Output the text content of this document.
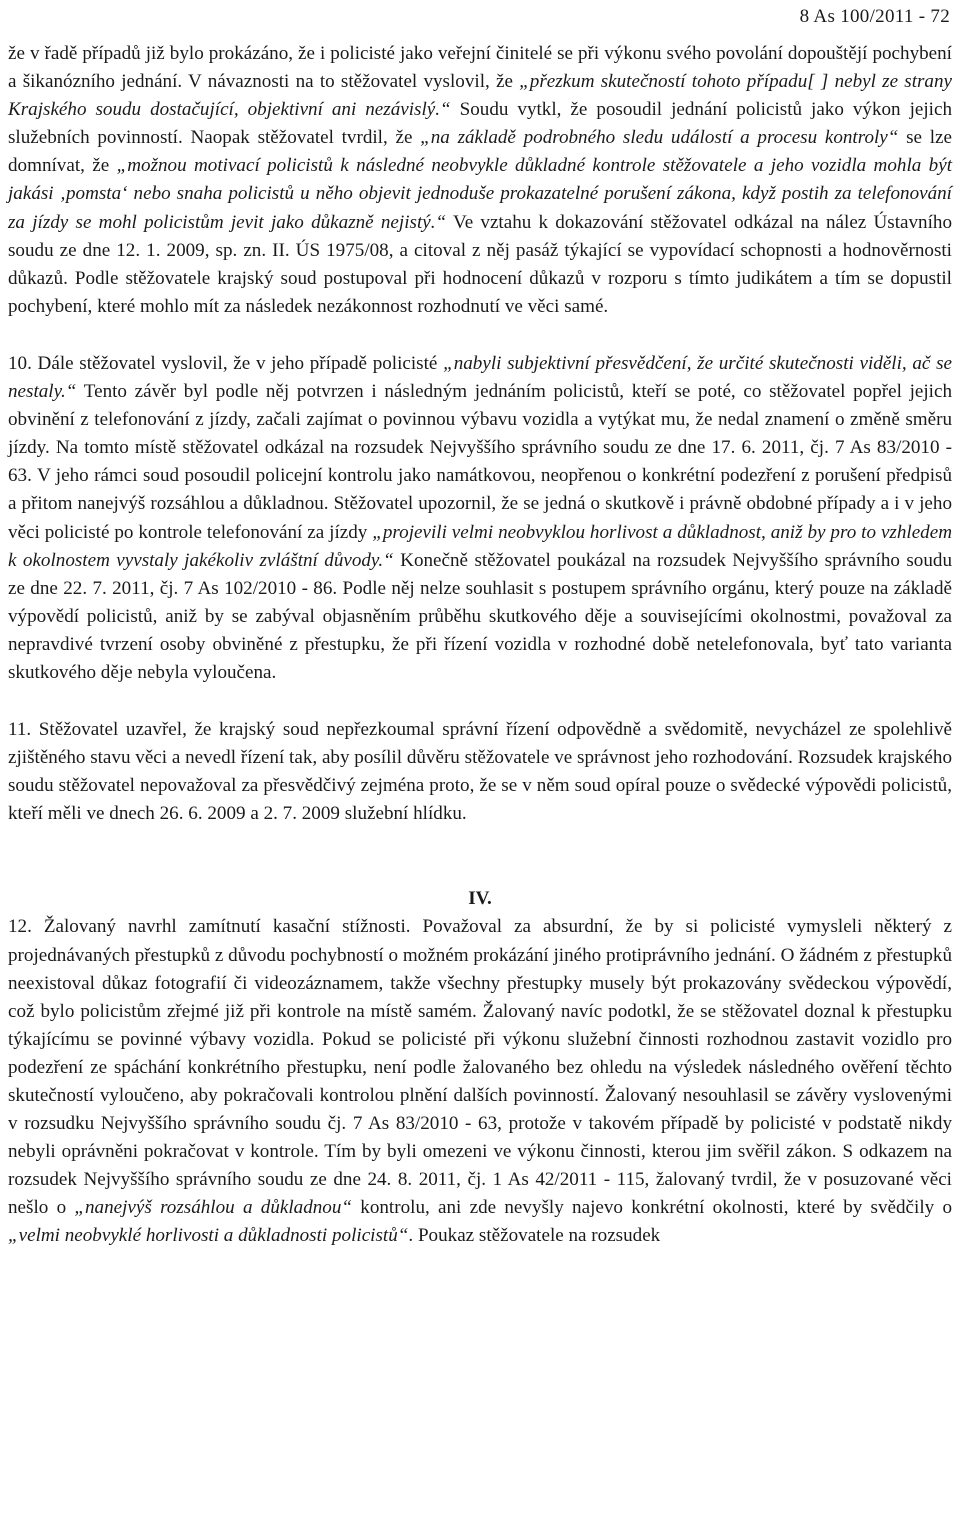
8 As 100/2011 - 72

že v řadě případů již bylo prokázáno, že i policisté jako veřejní činitelé se při výkonu svého povolání dopouštějí pochybení a šikanózního jednání. V návaznosti na to stěžovatel vyslovil, že „přezkum skutečností tohoto případu[ ] nebyl ze strany Krajského soudu dostačující, objektivní ani nezávislý.“ Soudu vytkl, že posoudil jednání policistů jako výkon jejich služebních povinností. Naopak stěžovatel tvrdil, že „na základě podrobného sledu událostí a procesu kontroly“ se lze domnívat, že „možnou motivací policistů k následné neobvykle důkladné kontrole stěžovatele a jeho vozidla mohla být jakási ‚pomsta‘ nebo snaha policistů u něho objevit jednoduše prokazatelné porušení zákona, když postih za telefonování za jízdy se mohl policistům jevit jako důkazně nejistý.“ Ve vztahu k dokazování stěžovatel odkázal na nález Ústavního soudu ze dne 12. 1. 2009, sp. zn. II. ÚS 1975/08, a citoval z něj pasáž týkající se vypovídací schopnosti a hodnověrnosti důkazů. Podle stěžovatele krajský soud postupoval při hodnocení důkazů v rozporu s tímto judikátem a tím se dopustil pochybení, které mohlo mít za následek nezákonnost rozhodnutí ve věci samé.

10. Dále stěžovatel vyslovil, že v jeho případě policisté „nabyli subjektivní přesvědčení, že určité skutečnosti viděli, ač se nestaly.“ Tento závěr byl podle něj potvrzen i následným jednáním policistů, kteří se poté, co stěžovatel popřel jejich obvinění z telefonování z jízdy, začali zajímat o povinnou výbavu vozidla a vytýkat mu, že nedal znamení o změně směru jízdy. Na tomto místě stěžovatel odkázal na rozsudek Nejvyššího správního soudu ze dne 17. 6. 2011, čj. 7 As 83/2010 - 63. V jeho rámci soud posoudil policejní kontrolu jako namátkovou, neopřenou o konkrétní podezření z porušení předpisů a přitom nanejvýš rozsáhlou a důkladnou. Stěžovatel upozornil, že se jedná o skutkově i právně obdobné případy a i v jeho věci policisté po kontrole telefonování za jízdy „projevili velmi neobvyklou horlivost a důkladnost, aniž by pro to vzhledem k okolnostem vyvstaly jakékoliv zvláštní důvody.“ Konečně stěžovatel poukázal na rozsudek Nejvyššího správního soudu ze dne 22. 7. 2011, čj. 7 As 102/2010 - 86. Podle něj nelze souhlasit s postupem správního orgánu, který pouze na základě výpovědí policistů, aniž by se zabýval objasněním průběhu skutkového děje a souvisejícími okolnostmi, považoval za nepravdivé tvrzení osoby obviněné z přestupku, že při řízení vozidla v rozhodné době netelefonovala, byť tato varianta skutkového děje nebyla vyloučena.

11. Stěžovatel uzavřel, že krajský soud nepřezkoumal správní řízení odpovědně a svědomitě, nevycházel ze spolehlivě zjištěného stavu věci a nevedl řízení tak, aby posílil důvěru stěžovatele ve správnost jeho rozhodování. Rozsudek krajského soudu stěžovatel nepovažoval za přesvědčivý zejména proto, že se v něm soud opíral pouze o svědecké výpovědi policistů, kteří měli ve dnech 26. 6. 2009 a 2. 7. 2009 služební hlídku.

IV.

12. Žalovaný navrhl zamítnutí kasační stížnosti. Považoval za absurdní, že by si policisté vymysleli některý z projednávaných přestupků z důvodu pochybností o možném prokázání jiného protiprávního jednání. O žádném z přestupků neexistoval důkaz fotografií či videozáznamem, takže všechny přestupky musely být prokazovány svědeckou výpovědí, což bylo policistům zřejmé již při kontrole na místě samém. Žalovaný navíc podotkl, že se stěžovatel doznal k přestupku týkajícímu se povinné výbavy vozidla. Pokud se policisté při výkonu služební činnosti rozhodnou zastavit vozidlo pro podezření ze spáchání konkrétního přestupku, není podle žalovaného bez ohledu na výsledek následného ověření těchto skutečností vyloučeno, aby pokračovali kontrolou plnění dalších povinností. Žalovaný nesouhlasil se závěry vyslovenými v rozsudku Nejvyššího správního soudu čj. 7 As 83/2010 - 63, protože v takovém případě by policisté v podstatě nikdy nebyli oprávněni pokračovat v kontrole. Tím by byli omezeni ve výkonu činnosti, kterou jim svěřil zákon. S odkazem na rozsudek Nejvyššího správního soudu ze dne 24. 8. 2011, čj. 1 As 42/2011 - 115, žalovaný tvrdil, že v posuzované věci nešlo o „nanejvýš rozsáhlou a důkladnou“ kontrolu, ani zde nevyšly najevo konkrétní okolnosti, které by svědčily o „velmi neobvyklé horlivosti a důkladnosti policistů“. Poukaz stěžovatele na rozsudek
